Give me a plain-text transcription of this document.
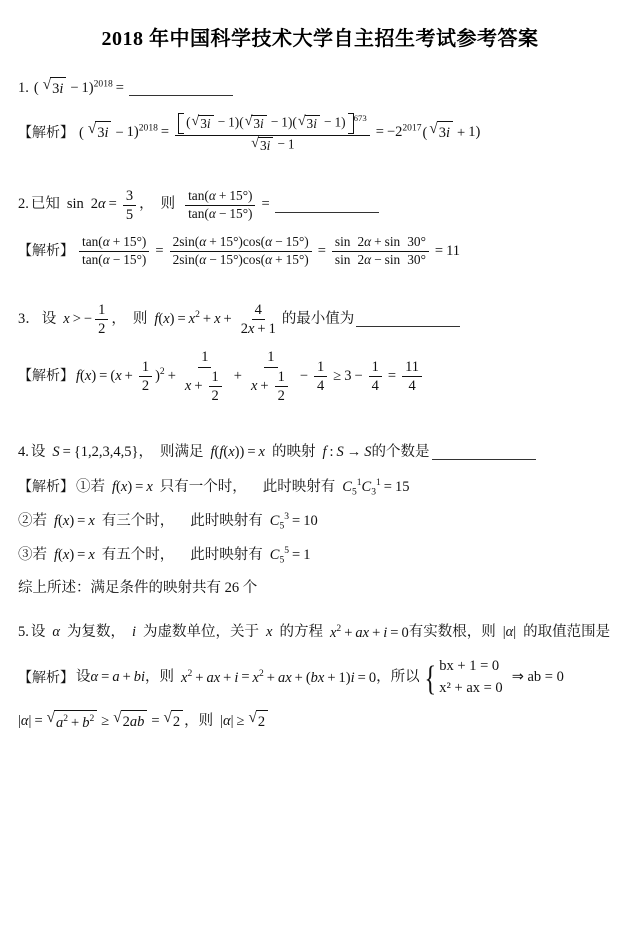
2018 年中国科学技术大学自主招生考试参考答案
1. ( √ 3i − 1)$^{2018}$ =
【解析】 ( √ 3i − 1)$^{2018}$ =
( √ 3i − 1)( √ 3i − 1)( √ 3i − 1) $^{673}$
√ 3i − 1
= $-2^{2017}$( √ 3i + 1)
2. 已知 $\sin 2\alpha = \frac{3}{5}$ ， 则 $\frac{\tan(\alpha + 15^\circ)}{\tan(\alpha - 15^\circ)}$ =
【解析】 $\frac{\tan(\alpha + 15^\circ)}{\tan(\alpha - 15^\circ)} = \frac{2\sin(\alpha + 15^\circ)\cos(\alpha - 15^\circ)}{2\sin(\alpha - 15^\circ)\cos(\alpha + 15^\circ)} = \frac{\sin 2\alpha + \sin 30^\circ}{\sin 2\alpha - \sin 30^\circ} = 11$
3． 设 x > − $\frac{1}{2}$ ， 则 $f(x) = x^2 + x + \frac{4}{2x + 1}$ 的最小值为
【解析】 $f(x) = (x + \frac{1}{2} )^2 + \frac{1}{x + \frac{1}{2}} + \frac{1}{x + \frac{1}{2}} - \frac{1}{4} \ge 3 - \frac{1}{4} = \frac{11}{4}$
4. 设 S = {1,2,3,4,5} ， 则满足 f(f(x)) = x 的映射 f : S → S 的个数是
【解析】 ①若 f(x) = x 只有一个时， 此时映射有 $C_5^1C_3^1 = 15$
②若 f(x) = x 有三个时， 此时映射有 $C_5^3 = 10$
③若 f(x) = x 有五个时， 此时映射有 $C_5^5 = 1$
综上所述：满足条件的映射共有 26 个
5. 设 α 为复数， i 为虚数单位，关于 x 的方程 $x^2$ + ax + i = 0 有实数根，则 |α| 的取值范围是
【解析】 设 α = a + bi ，则 $x^2$ + ax + $i = x^2$ + ax + (bx + 1)i = 0 ，所以 { bx + 1 = 0
x² + ax = 0
⇒ ab = 0
|α| = √ $a^2 + b^2$ ≥ √ 2ab = √ 2 ，则 |α| ≥ √ 2
